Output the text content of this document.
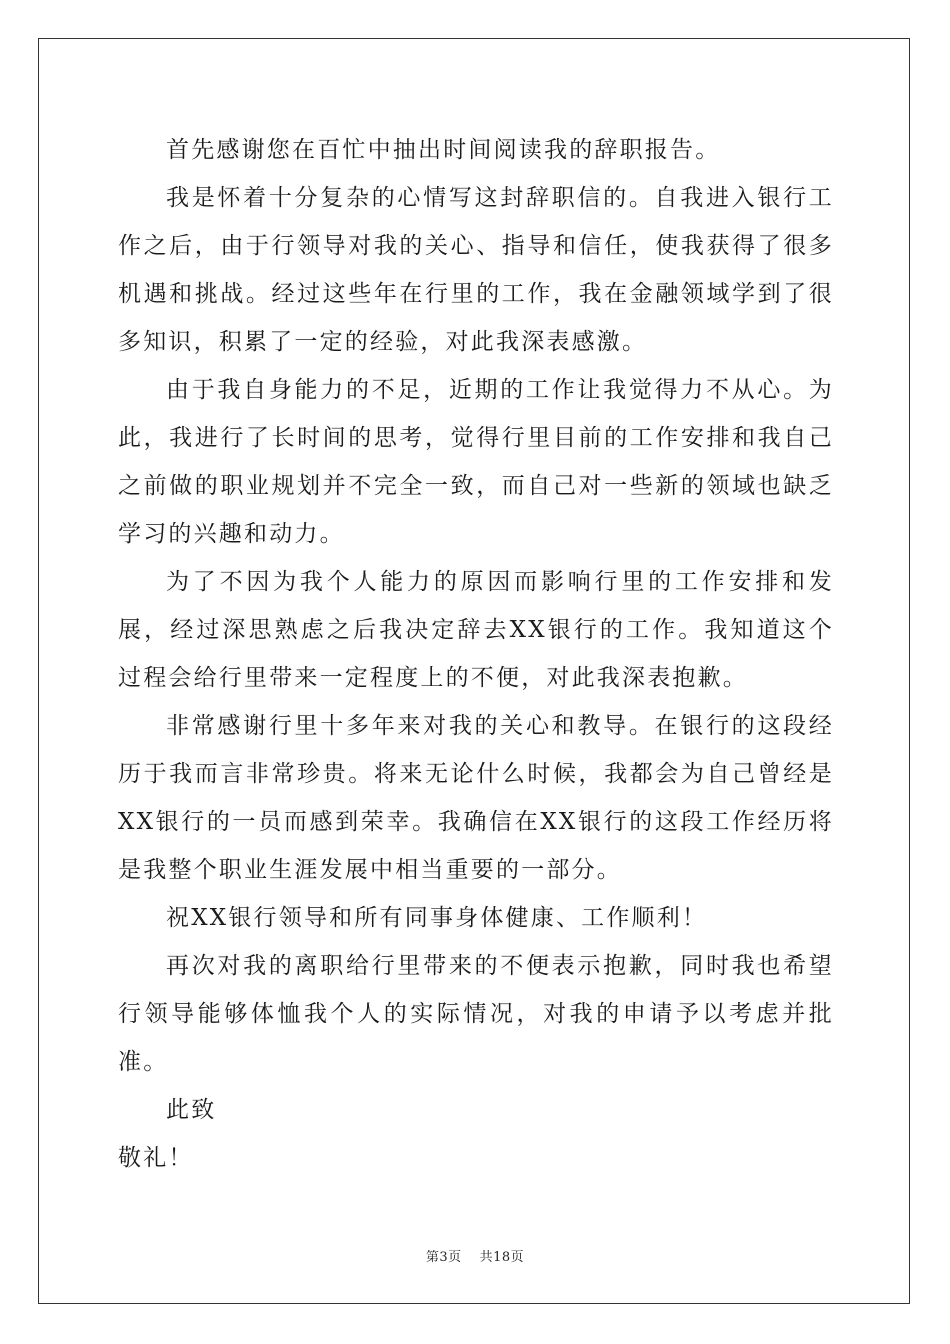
首先感谢您在百忙中抽出时间阅读我的辞职报告。

我是怀着十分复杂的心情写这封辞职信的。自我进入银行工作之后，由于行领导对我的关心、指导和信任，使我获得了很多机遇和挑战。经过这些年在行里的工作，我在金融领域学到了很多知识，积累了一定的经验，对此我深表感激。

由于我自身能力的不足，近期的工作让我觉得力不从心。为此，我进行了长时间的思考，觉得行里目前的工作安排和我自己之前做的职业规划并不完全一致，而自己对一些新的领域也缺乏学习的兴趣和动力。

为了不因为我个人能力的原因而影响行里的工作安排和发展，经过深思熟虑之后我决定辞去XX银行的工作。我知道这个过程会给行里带来一定程度上的不便，对此我深表抱歉。

非常感谢行里十多年来对我的关心和教导。在银行的这段经历于我而言非常珍贵。将来无论什么时候，我都会为自己曾经是XX银行的一员而感到荣幸。我确信在XX银行的这段工作经历将是我整个职业生涯发展中相当重要的一部分。

祝XX银行领导和所有同事身体健康、工作顺利！

再次对我的离职给行里带来的不便表示抱歉，同时我也希望行领导能够体恤我个人的实际情况，对我的申请予以考虑并批准。

此致

敬礼！

第3页 共18页
